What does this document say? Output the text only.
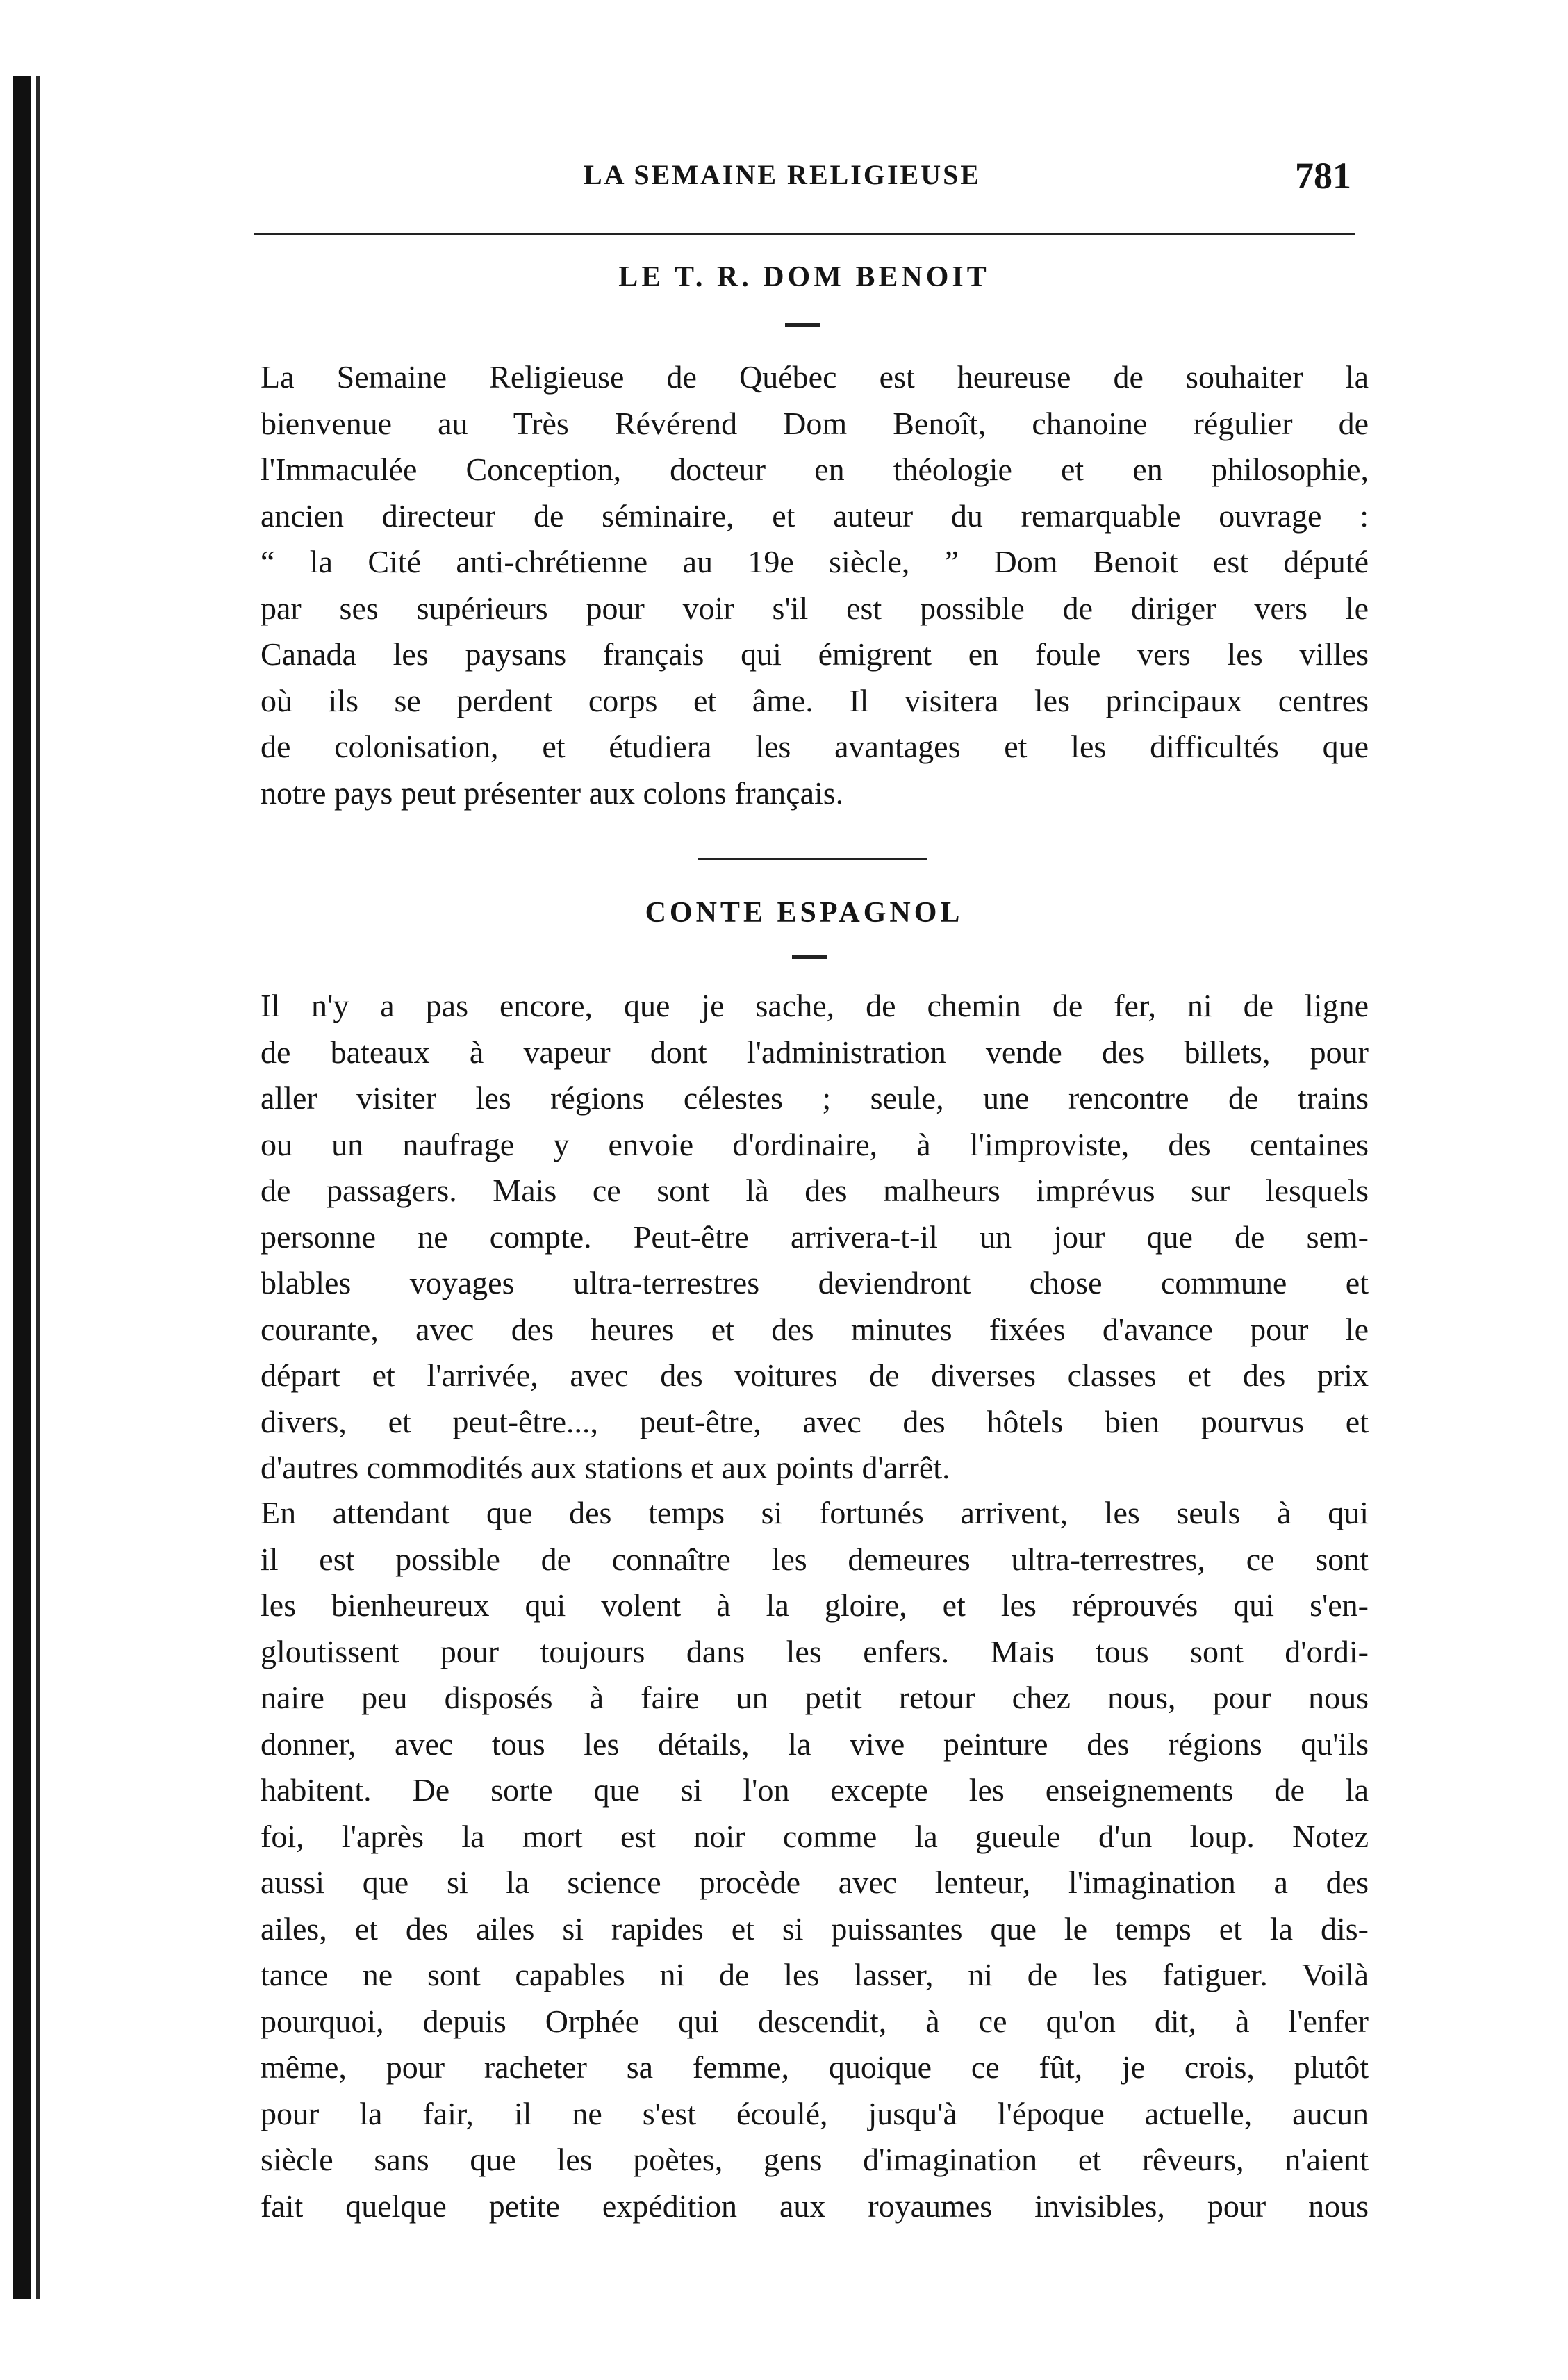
LA SEMAINE RELIGIEUSE	781
LE T. R. DOM BENOIT
La Semaine Religieuse de Québec est heureuse de souhaiter la
bienvenue au Très Révérend Dom Benoît, chanoine régulier de
l'Immaculée Conception, docteur en théologie et en philosophie,
ancien directeur de séminaire, et auteur du remarquable ouvrage :
“ la Cité anti-chrétienne au 19e siècle, ” Dom Benoit est député
par ses supérieurs pour voir s'il est possible de diriger vers le
Canada les paysans français qui émigrent en foule vers les villes
où ils se perdent corps et âme. Il visitera les principaux centres
de colonisation, et étudiera les avantages et les difficultés que
notre pays peut présenter aux colons français.
CONTE ESPAGNOL
Il n'y a pas encore, que je sache, de chemin de fer, ni de ligne
de bateaux à vapeur dont l'administration vende des billets, pour
aller visiter les régions célestes ; seule, une rencontre de trains
ou un naufrage y envoie d'ordinaire, à l'improviste, des centaines
de passagers. Mais ce sont là des malheurs imprévus sur lesquels
personne ne compte. Peut-être arrivera-t-il un jour que de sem-
blables voyages ultra-terrestres deviendront chose commune et
courante, avec des heures et des minutes fixées d'avance pour le
départ et l'arrivée, avec des voitures de diverses classes et des prix
divers, et peut-être..., peut-être, avec des hôtels bien pourvus et
d'autres commodités aux stations et aux points d'arrêt.
En attendant que des temps si fortunés arrivent, les seuls à qui
il est possible de connaître les demeures ultra-terrestres, ce sont
les bienheureux qui volent à la gloire, et les réprouvés qui s'en-
gloutissent pour toujours dans les enfers. Mais tous sont d'ordi-
naire peu disposés à faire un petit retour chez nous, pour nous
donner, avec tous les détails, la vive peinture des régions qu'ils
habitent. De sorte que si l'on excepte les enseignements de la
foi, l'après la mort est noir comme la gueule d'un loup. Notez
aussi que si la science procède avec lenteur, l'imagination a des
ailes, et des ailes si rapides et si puissantes que le temps et la dis-
tance ne sont capables ni de les lasser, ni de les fatiguer. Voilà
pourquoi, depuis Orphée qui descendit, à ce qu'on dit, à l'enfer
même, pour racheter sa femme, quoique ce fût, je crois, plutôt
pour la fair, il ne s'est écoulé, jusqu'à l'époque actuelle, aucun
siècle sans que les poètes, gens d'imagination et rêveurs, n'aient
fait quelque petite expédition aux royaumes invisibles, pour nous
